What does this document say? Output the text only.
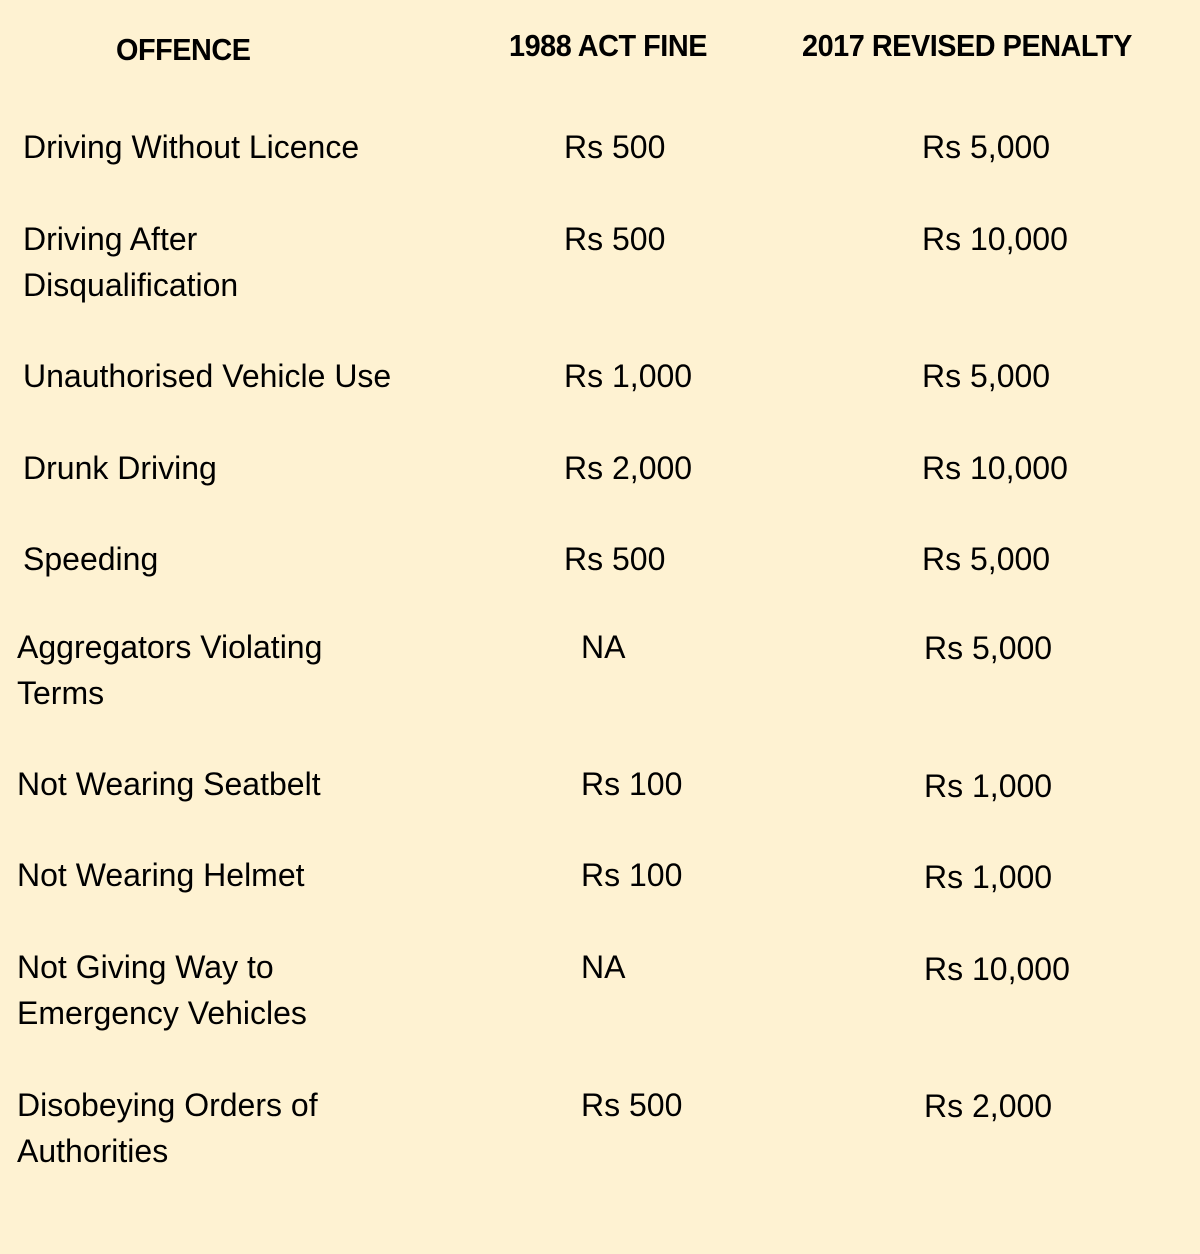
OFFENCE	1988 ACT FINE	2017 REVISED PENALTY
Driving Without Licence	Rs 500	Rs 5,000
Driving After
Disqualification
Rs 500	Rs 10,000
Unauthorised Vehicle Use	Rs 1,000	Rs 5,000
Drunk Driving	Rs 2,000	Rs 10,000
Speeding	Rs 500	Rs 5,000
Aggregators Violating
Terms
NA	Rs 5,000
Not Wearing Seatbelt	Rs 100	Rs 1,000
Not Wearing Helmet	Rs 100	Rs 1,000
Not Giving Way to
Emergency Vehicles
NA	Rs 10,000
Disobeying Orders of
Authorities
Rs 500	Rs 2,000
